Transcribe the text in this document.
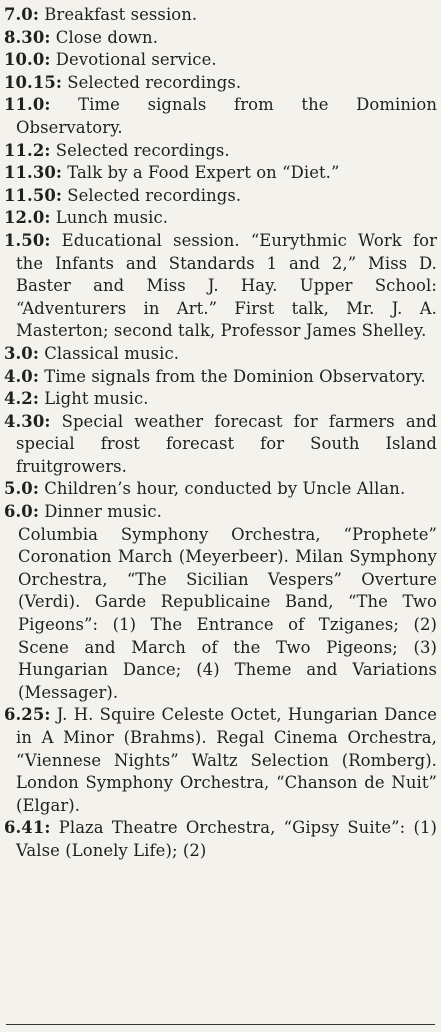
7.0: Breakfast session.

8.30: Close down.

10.0: Devotional service.

10.15: Selected recordings.

11.0: Time signals from the Dominion Observatory.

11.2: Selected recordings.

11.30: Talk by a Food Expert on “Diet.”

11.50: Selected recordings.

12.0: Lunch music.

1.50: Educational session. “Eurythmic Work for the Infants and Standards 1 and 2,” Miss D. Baster and Miss J. Hay. Upper School: “Adventurers in Art.” First talk, Mr. J. A. Masterton; second talk, Professor James Shelley.

3.0: Classical music.

4.0: Time signals from the Dominion Observatory.

4.2: Light music.

4.30: Special weather forecast for farmers and special frost forecast for South Island fruitgrowers.

5.0: Children’s hour, conducted by Uncle Allan.

6.0: Dinner music.

Columbia Symphony Orchestra, “Prophete” Coronation March (Meyerbeer). Milan Symphony Orchestra, “The Sicilian Vespers” Overture (Verdi). Garde Republicaine Band, “The Two Pigeons”: (1) The Entrance of Tziganes; (2) Scene and March of the Two Pigeons; (3) Hungarian Dance; (4) Theme and Variations (Messager).

6.25: J. H. Squire Celeste Octet, Hungarian Dance in A Minor (Brahms). Regal Cinema Orchestra, “Viennese Nights” Waltz Selection (Romberg). London Symphony Orchestra, “Chanson de Nuit” (Elgar).

6.41: Plaza Theatre Orchestra, “Gipsy Suite”: (1) Valse (Lonely Life); (2)
